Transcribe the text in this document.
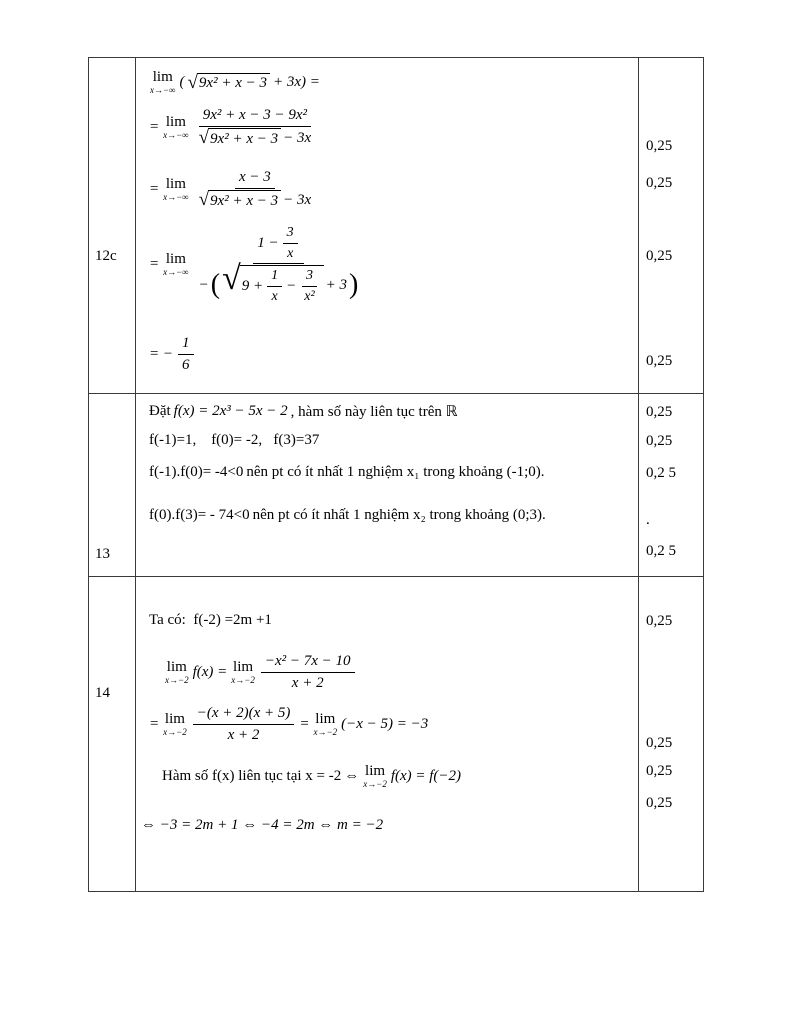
12c
lim
x→−∞ ( √ 9x² + x − 3 + 3x) =
= lim
x→−∞
9x² + x − 3 − 9x²
√ 9x² + x − 3 − 3x
= lim
x→−∞
x − 3
√ 9x² + x − 3 − 3x
= lim
x→−∞
$1 - \frac{3}{x}$
− ( √ $9 + \frac{1}{x} - \frac{3}{\text{x²}} + 3$ )
= − $\frac{1}{6}$
0,25
0,25
0,25
0,25
13
Đặt f(x) = 2x³ − 5x − 2 , hàm số này liên tục trên ℝ
f(-1)=1,    f(0)= -2,   f(3)=37
f(-1).f(0)= -4<0 nên pt có ít nhất 1 nghiệm x₁ trong khoảng (-1;0).
f(0).f(3)= - 74<0 nên pt có ít nhất 1 nghiệm x₂ trong khoảng (0;3).
0,25
0,25
0,2 5
.
0,2 5
14
Ta có:  f(-2) =2m +1
lim
x→−2 f(x) = lim
$x\to-2 \frac{\text{−x² − 7x − 10}}{x + 2}$
= lim
$x\to-2 \frac{-(x + 2)(x + 5)}{x + 2} = \lim$
x→−2 (−x − 5) = −3
Hàm số f(x) liên tục tại x = -2 ⇔ lim
x→−2 f(x) = f(−2)
⇔ −3 = 2m + 1 ⇔ −4 = 2m ⇔ m = −2
0,25
0,25
0,25
0,25
